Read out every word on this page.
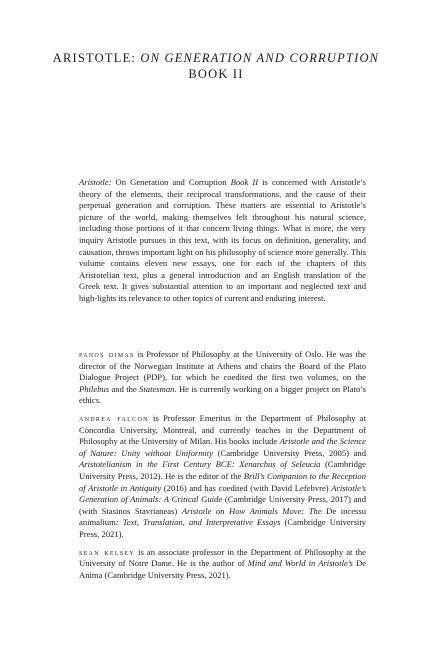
ARISTOTLE: ON GENERATION AND CORRUPTION
BOOK II

Aristotle: On Generation and Corruption Book II is concerned with Aristotle’s theory of the elements, their reciprocal transformations, and the cause of their perpetual generation and corruption. These matters are essential to Aristotle’s picture of the world, making themselves felt throughout his natural science, including those portions of it that concern living things. What is more, the very inquiry Aristotle pursues in this text, with its focus on definition, generality, and causation, throws important light on his philosophy of science more generally. This volume contains eleven new essays, one for each of the chapters of this Aristotelian text, plus a general introduction and an English translation of the Greek text. It gives substantial attention to an important and neglected text and high-lights its relevance to other topics of current and enduring interest.

panos dimas is Professor of Philosophy at the University of Oslo. He was the director of the Norwegian Institute at Athens and chairs the Board of the Plato Dialogue Project (PDP), for which he coedited the first two volumes, on the Philebus and the Statesman. He is currently working on a bigger project on Plato’s ethics.

andrea falcon is Professor Emeritus in the Department of Philosophy at Concordia University, Montreal, and currently teaches in the Department of Philosophy at the University of Milan. His books include Aristotle and the Science of Nature: Unity without Uniformity (Cambridge University Press, 2005) and Aristotelianism in the First Century BCE: Xenarchus of Seleucia (Cambridge University Press, 2012). He is the editor of the Brill’s Companion to the Reception of Aristotle in Antiquity (2016) and has coedited (with David Lefebvre) Aristotle’s Generation of Animals: A Critical Guide (Cambridge University Press, 2017) and (with Stasinos Stavrianeas) Aristotle on How Animals Move: The De incessu animalium: Text, Translation, and Interpretative Essays (Cambridge University Press, 2021).

sean kelsey is an associate professor in the Department of Philosophy at the University of Notre Dame. He is the author of Mind and World in Aristotle’s De Anima (Cambridge University Press, 2021).
